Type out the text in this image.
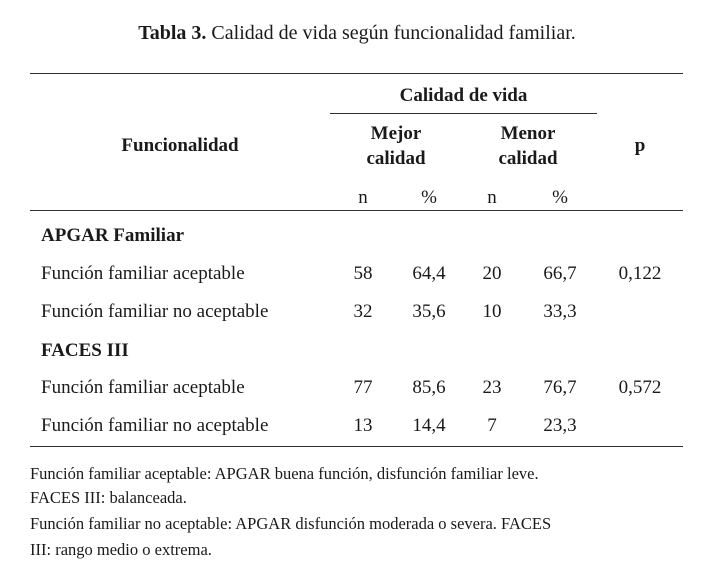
Tabla 3. Calidad de vida según funcionalidad familiar.
Funcionalidad
Calidad de vida
Mejor
calidad
Menor
calidad
p
n	%	n	%
APGAR Familiar
Función familiar aceptable	58	64,4	20	66,7	0,122
Función familiar no aceptable	32	35,6	10	33,3
FACES III
Función familiar aceptable	77	85,6	23	76,7	0,572
Función familiar no aceptable	13	14,4	7	23,3
Función familiar aceptable: APGAR buena función, disfunción familiar leve.
FACES III: balanceada.
Función familiar no aceptable: APGAR disfunción moderada o severa. FACES
III: rango medio o extrema.
